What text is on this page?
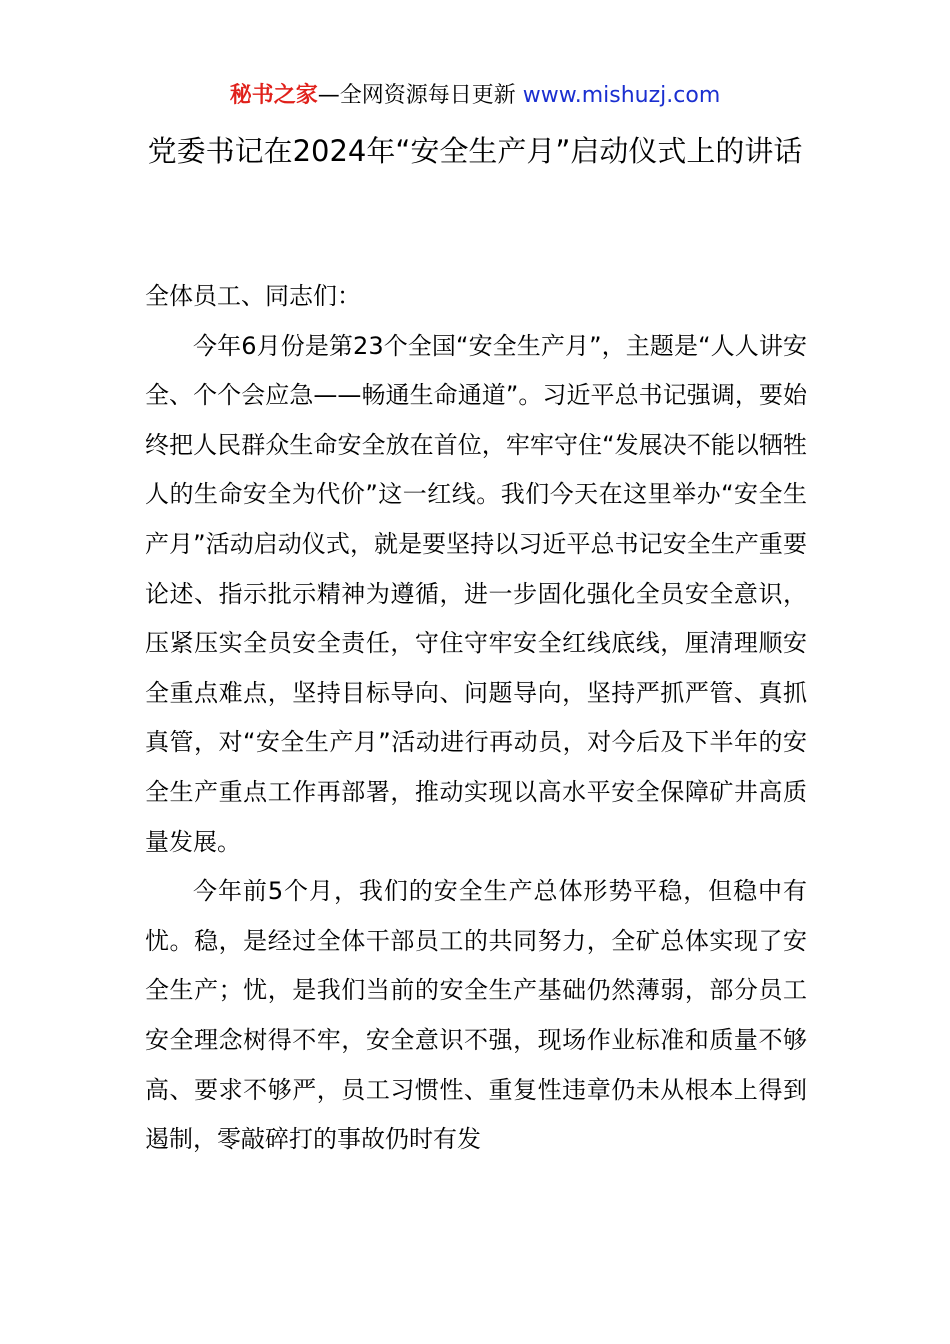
秘书之家—全网资源每日更新 www.mishuzj.com
党委书记在2024年“安全生产月”启动仪式上的讲话

全体员工、同志们：

今年6月份是第23个全国“安全生产月”，主题是“人人讲安全、个个会应急——畅通生命通道”。习近平总书记强调，要始终把人民群众生命安全放在首位，牢牢守住“发展决不能以牺牲人的生命安全为代价”这一红线。我们今天在这里举办“安全生产月”活动启动仪式，就是要坚持以习近平总书记安全生产重要论述、指示批示精神为遵循，进一步固化强化全员安全意识，压紧压实全员安全责任，守住守牢安全红线底线，厘清理顺安全重点难点，坚持目标导向、问题导向，坚持严抓严管、真抓真管，对“安全生产月”活动进行再动员，对今后及下半年的安全生产重点工作再部署，推动实现以高水平安全保障矿井高质量发展。

今年前5个月，我们的安全生产总体形势平稳，但稳中有忧。稳，是经过全体干部员工的共同努力，全矿总体实现了安全生产；忧，是我们当前的安全生产基础仍然薄弱，部分员工安全理念树得不牢，安全意识不强，现场作业标准和质量不够高、要求不够严，员工习惯性、重复性违章仍未从根本上得到遏制，零敲碎打的事故仍时有发
